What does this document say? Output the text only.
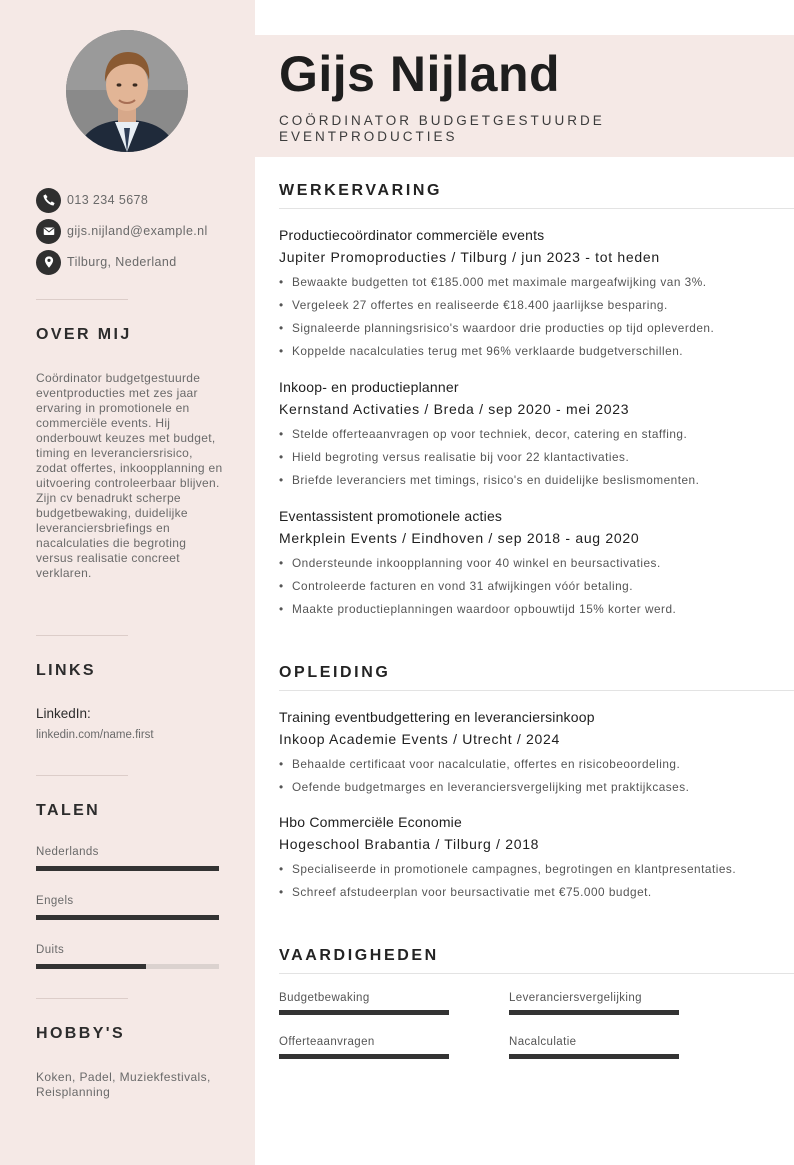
013 234 5678
gijs.nijland@example.nl
Tilburg, Nederland
OVER MIJ
Coördinator budgetgestuurde eventproducties met zes jaar ervaring in promotionele en commerciële events. Hij onderbouwt keuzes met budget, timing en leveranciersrisico, zodat offertes, inkoopplanning en uitvoering controleerbaar blijven. Zijn cv benadrukt scherpe budgetbewaking, duidelijke leveranciersbriefings en nacalculaties die begroting versus realisatie concreet verklaren.
LINKS
LinkedIn:
linkedin.com/name.first
TALEN
Nederlands
Engels
Duits
HOBBY'S
Koken, Padel, Muziekfestivals, Reisplanning
Gijs Nijland
COÖRDINATOR BUDGETGESTUURDE EVENTPRODUCTIES
WERKERVARING
Productiecoördinator commerciële events
Jupiter Promoproducties / Tilburg / jun 2023 - tot heden
• Bewaakte budgetten tot €185.000 met maximale margeafwijking van 3%.
• Vergeleek 27 offertes en realiseerde €18.400 jaarlijkse besparing.
• Signaleerde planningsrisico's waardoor drie producties op tijd opleverden.
• Koppelde nacalculaties terug met 96% verklaarde budgetverschillen.
Inkoop- en productieplanner
Kernstand Activaties / Breda / sep 2020 - mei 2023
• Stelde offerteaanvragen op voor techniek, decor, catering en staffing.
• Hield begroting versus realisatie bij voor 22 klantactivaties.
• Briefde leveranciers met timings, risico's en duidelijke beslismomenten.
Eventassistent promotionele acties
Merkplein Events / Eindhoven / sep 2018 - aug 2020
• Ondersteunde inkoopplanning voor 40 winkel en beursactivaties.
• Controleerde facturen en vond 31 afwijkingen vóór betaling.
• Maakte productieplanningen waardoor opbouwtijd 15% korter werd.
OPLEIDING
Training eventbudgettering en leveranciersinkoop
Inkoop Academie Events / Utrecht / 2024
• Behaalde certificaat voor nacalculatie, offertes en risicobeoordeling.
• Oefende budgetmarges en leveranciersvergelijking met praktijkcases.
Hbo Commerciële Economie
Hogeschool Brabantia / Tilburg / 2018
• Specialiseerde in promotionele campagnes, begrotingen en klantpresentaties.
• Schreef afstudeerplan voor beursactivatie met €75.000 budget.
VAARDIGHEDEN
Budgetbewaking	Leveranciersvergelijking
Offerteaanvragen	Nacalculatie
